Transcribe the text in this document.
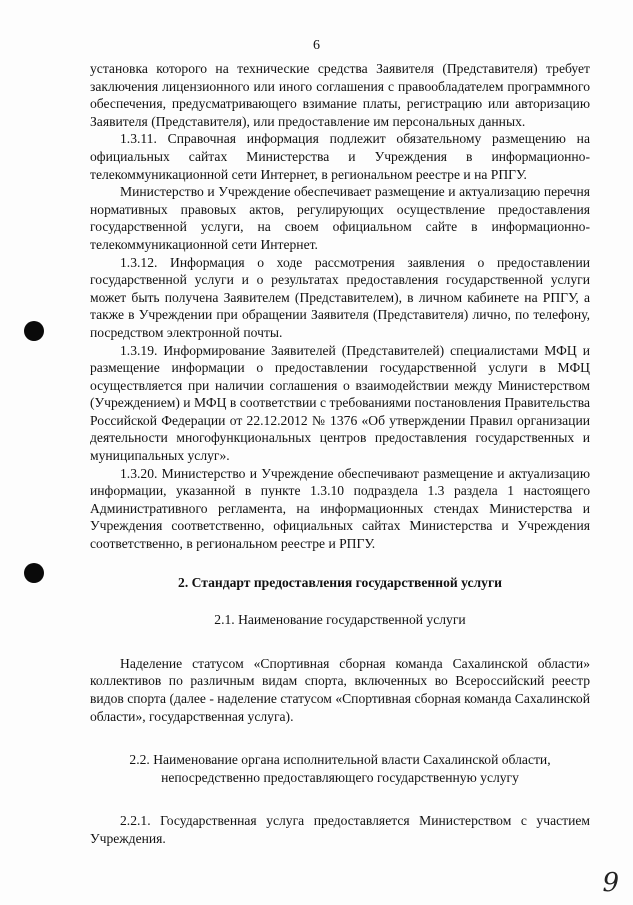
6

установка которого на технические средства Заявителя (Представителя) требует заключения лицензионного или иного соглашения с правообладателем программного обеспечения, предусматривающего взимание платы, регистрацию или авторизацию Заявителя (Представителя), или предоставление им персональных данных.

1.3.11. Справочная информация подлежит обязательному размещению на официальных сайтах Министерства и Учреждения в информационно-телекоммуникационной сети Интернет, в региональном реестре и на РПГУ.

Министерство и Учреждение обеспечивает размещение и актуализацию перечня нормативных правовых актов, регулирующих осуществление предоставления государственной услуги, на своем официальном сайте в информационно-телекоммуникационной сети Интернет.

1.3.12. Информация о ходе рассмотрения заявления о предоставлении государственной услуги и о результатах предоставления государственной услуги может быть получена Заявителем (Представителем), в личном кабинете на РПГУ, а также в Учреждении при обращении Заявителя (Представителя) лично, по телефону, посредством электронной почты.

1.3.19. Информирование Заявителей (Представителей) специалистами МФЦ и размещение информации о предоставлении государственной услуги в МФЦ осуществляется при наличии соглашения о взаимодействии между Министерством (Учреждением) и МФЦ в соответствии с требованиями постановления Правительства Российской Федерации от 22.12.2012 № 1376 «Об утверждении Правил организации деятельности многофункциональных центров предоставления государственных и муниципальных услуг».

1.3.20. Министерство и Учреждение обеспечивают размещение и актуализацию информации, указанной в пункте 1.3.10 подраздела 1.3 раздела 1 настоящего Административного регламента, на информационных стендах Министерства и Учреждения соответственно, официальных сайтах Министерства и Учреждения соответственно, в региональном реестре и РПГУ.

2. Стандарт предоставления государственной услуги

2.1. Наименование государственной услуги

Наделение статусом «Спортивная сборная команда Сахалинской области» коллективов по различным видам спорта, включенных во Всероссийский реестр видов спорта (далее - наделение статусом «Спортивная сборная команда Сахалинской области», государственная услуга).

2.2. Наименование органа исполнительной власти Сахалинской области,

непосредственно предоставляющего государственную услугу

2.2.1. Государственная услуга предоставляется Министерством с участием Учреждения.

9
